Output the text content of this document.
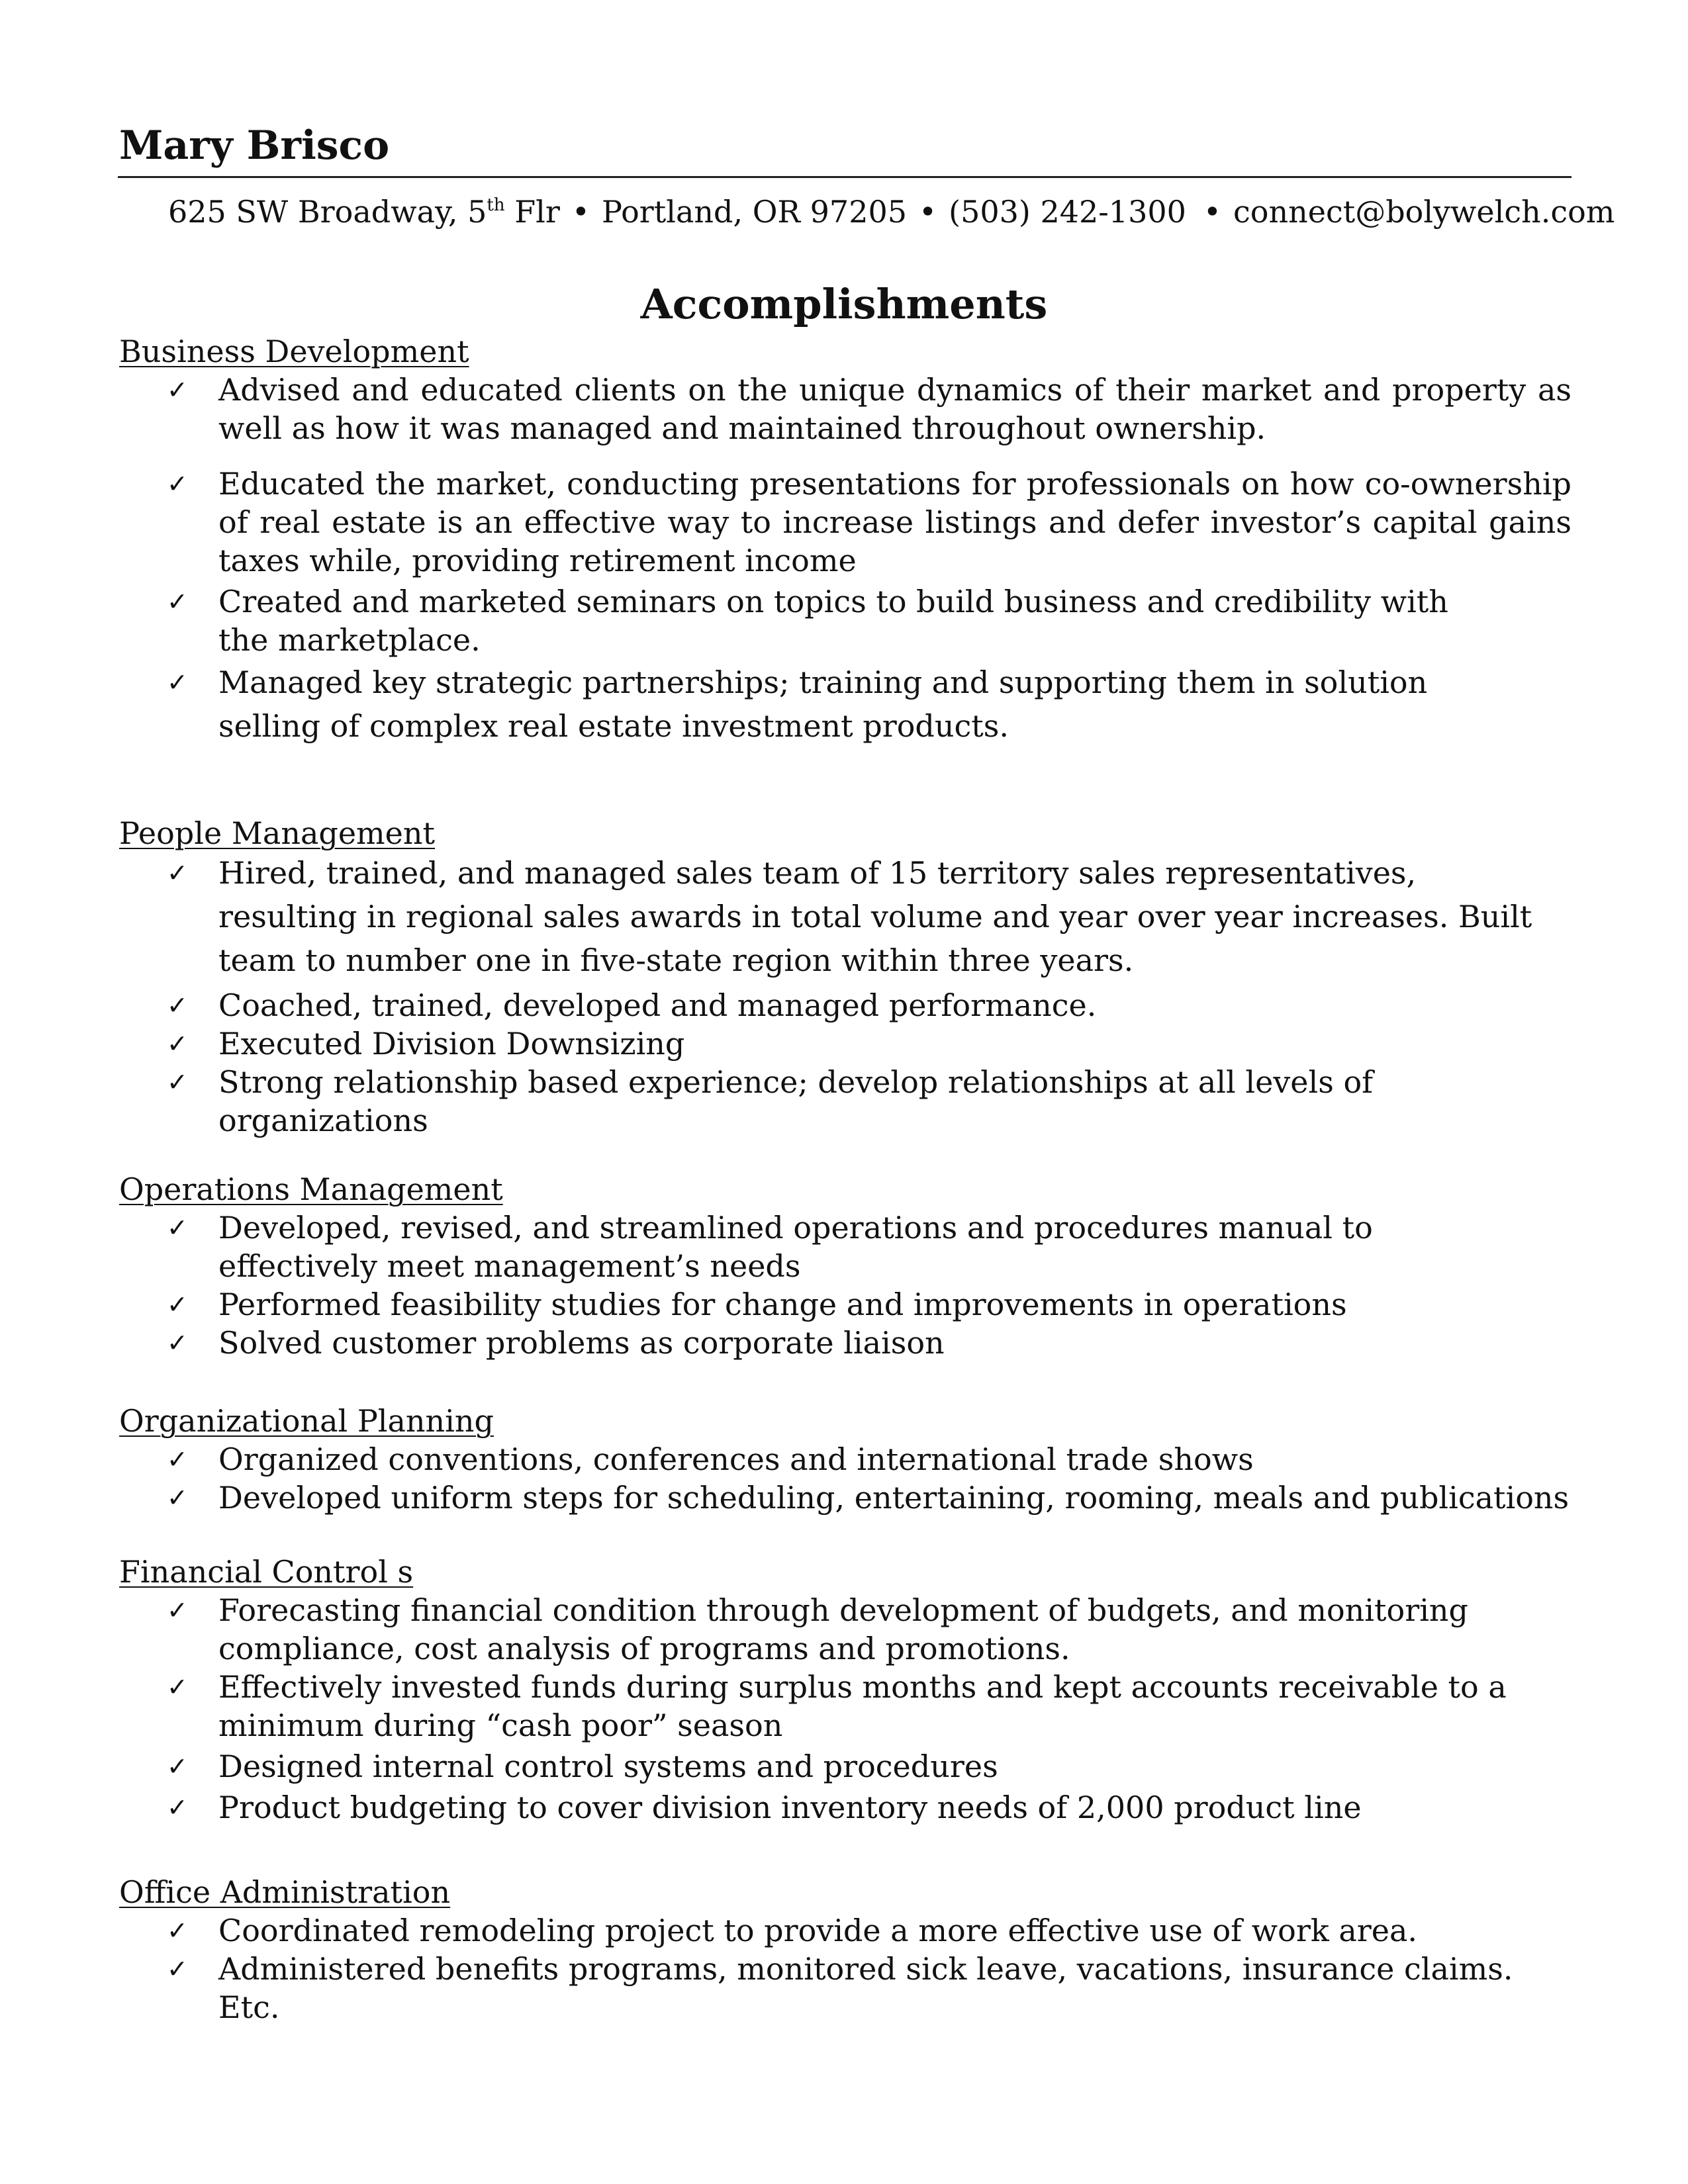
Mary Brisco
625 SW Broadway, 5th Flr • Portland, OR 97205 • (503) 242-1300 • connect@bolywelch.com
Accomplishments
Business Development
✓	Advised and educated clients on the unique dynamics of their market and property as well as how it was managed and maintained throughout ownership.
✓	Educated the market, conducting presentations for professionals on how co-ownership of real estate is an effective way to increase listings and defer investor’s capital gains taxes while, providing retirement income
✓	Created and marketed seminars on topics to build business and credibility with the marketplace.
✓	Managed key strategic partnerships; training and supporting them in solution selling of complex real estate investment products.
People Management
✓	Hired, trained, and managed sales team of 15 territory sales representatives, resulting in regional sales awards in total volume and year over year increases. Built team to number one in five-state region within three years.
✓	Coached, trained, developed and managed performance.
✓	Executed Division Downsizing
✓	Strong relationship based experience; develop relationships at all levels of organizations
Operations Management
✓	Developed, revised, and streamlined operations and procedures manual to effectively meet management’s needs
✓	Performed feasibility studies for change and improvements in operations
✓	Solved customer problems as corporate liaison
Organizational Planning
✓	Organized conventions, conferences and international trade shows
✓	Developed uniform steps for scheduling, entertaining, rooming, meals and publications
Financial Control s
✓	Forecasting financial condition through development of budgets, and monitoring compliance, cost analysis of programs and promotions.
✓	Effectively invested funds during surplus months and kept accounts receivable to a minimum during “cash poor” season
✓	Designed internal control systems and procedures
✓	Product budgeting to cover division inventory needs of 2,000 product line
Office Administration
✓	Coordinated remodeling project to provide a more effective use of work area.
✓	Administered benefits programs, monitored sick leave, vacations, insurance claims. Etc.
